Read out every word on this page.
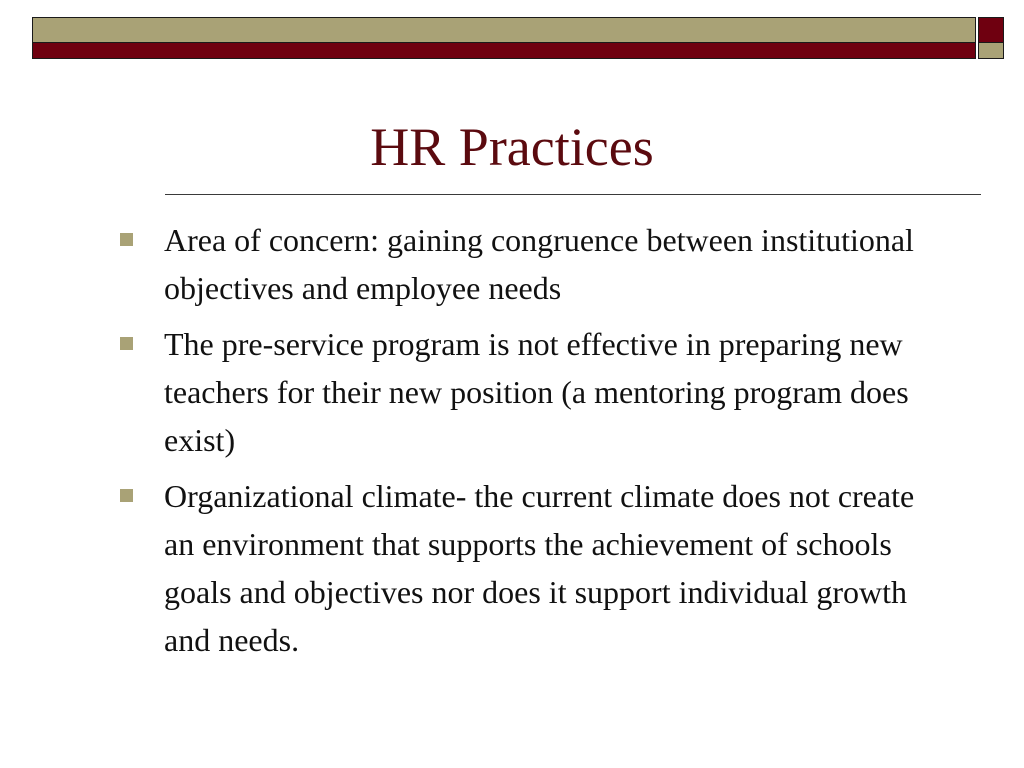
HR Practices
Area of concern: gaining congruence between institutional objectives and employee needs
The pre-service program is not effective in preparing new teachers for their new position (a mentoring program does exist)
Organizational climate- the current climate does not create an environment that supports the achievement of schools goals and objectives nor does it support individual growth and needs.
